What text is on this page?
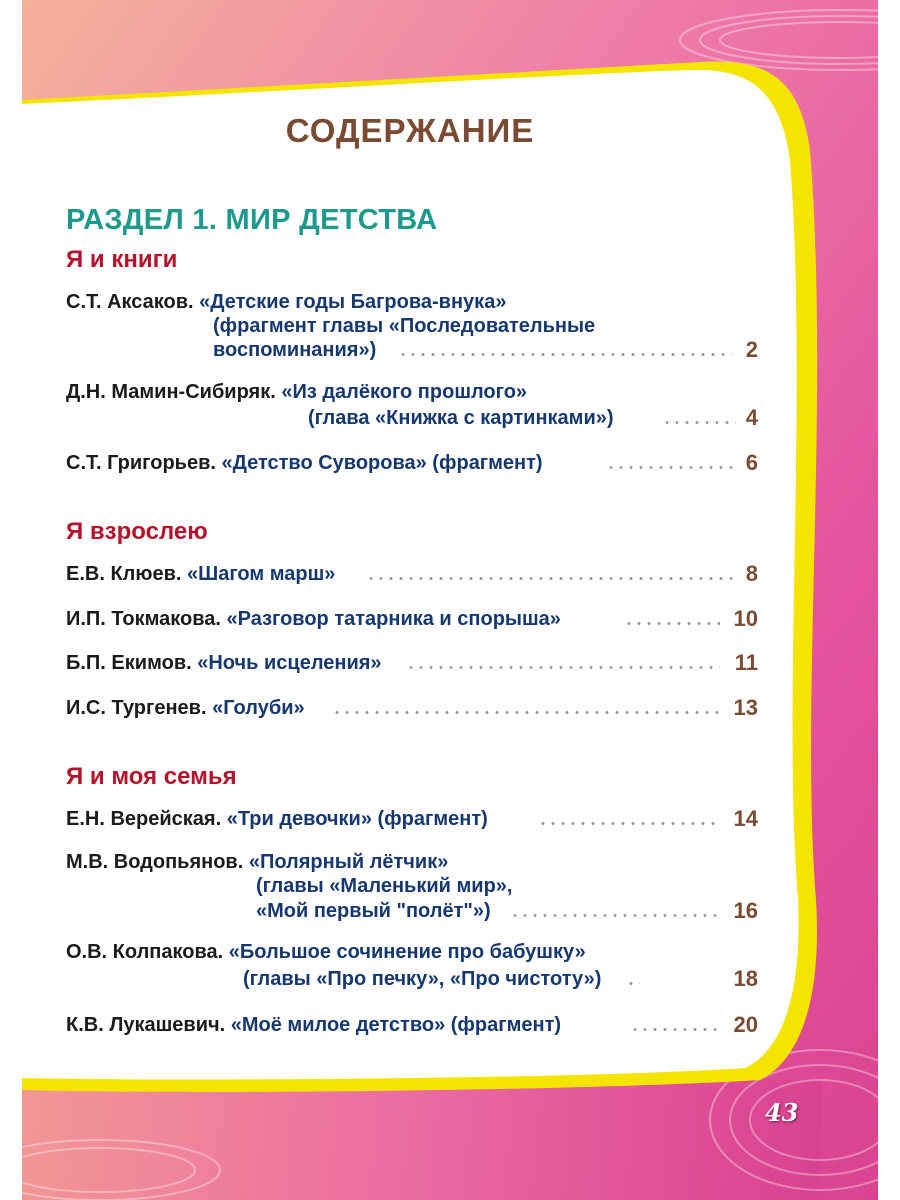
СОДЕРЖАНИЕ
РАЗДЕЛ 1. МИР ДЕТСТВА
Я и книги
С.Т. Аксаков. «Детские годы Багрова-внука»
(фрагмент главы «Последовательные
воспоминания»)	2
Д.Н. Мамин-Сибиряк. «Из далёкого прошлого»
(глава «Книжка с картинками»)	4
С.Т. Григорьев. «Детство Суворова» (фрагмент)	6
Я взрослею
Е.В. Клюев. «Шагом марш»	8
И.П. Токмакова. «Разговор татарника и спорыша»	10
Б.П. Екимов. «Ночь исцеления»	11
И.С. Тургенев. «Голуби»	13
Я и моя семья
Е.Н. Верейская. «Три девочки» (фрагмент)	14
М.В. Водопьянов. «Полярный лётчик»
(главы «Маленький мир»,
«Мой первый "полёт"»)	16
О.В. Колпакова. «Большое сочинение про бабушку»
(главы «Про печку», «Про чистоту»)	18
К.В. Лукашевич. «Моё милое детство» (фрагмент)	20
43
